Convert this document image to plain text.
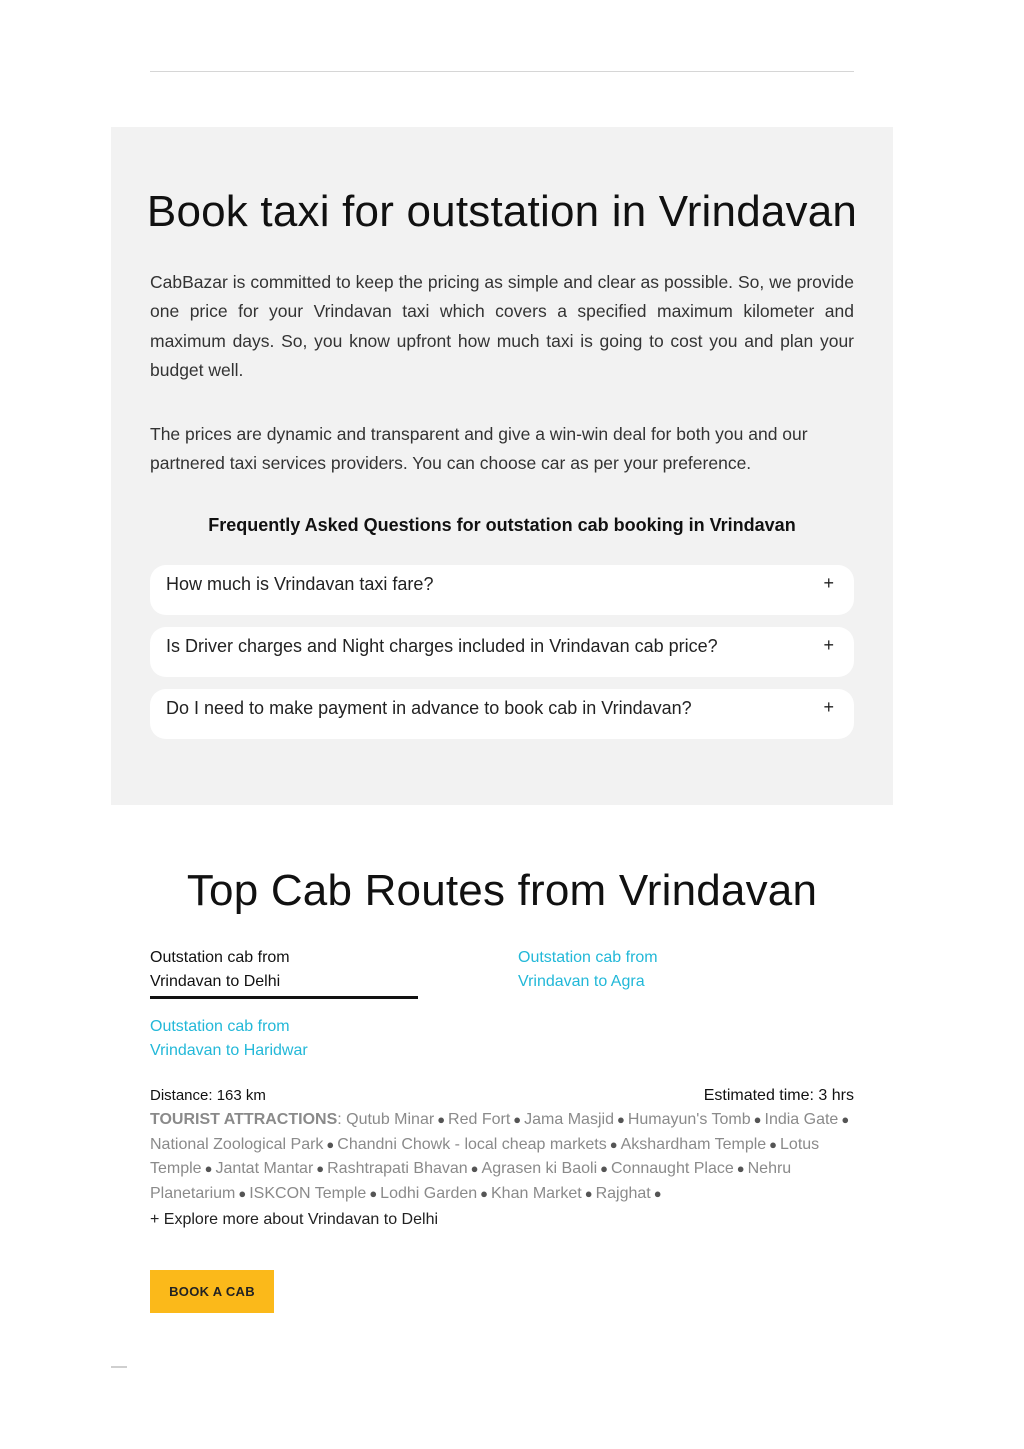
Book taxi for outstation in Vrindavan

CabBazar is committed to keep the pricing as simple and clear as possible. So, we provide one price for your Vrindavan taxi which covers a specified maximum kilometer and maximum days. So, you know upfront how much taxi is going to cost you and plan your budget well.

The prices are dynamic and transparent and give a win-win deal for both you and our partnered taxi services providers. You can choose car as per your preference.

Frequently Asked Questions for outstation cab booking in Vrindavan
How much is Vrindavan taxi fare?	+
Is Driver charges and Night charges included in Vrindavan cab price?	+
Do I need to make payment in advance to book cab in Vrindavan?	+
Top Cab Routes from Vrindavan
Outstation cab from
Vrindavan to Delhi
Outstation cab from
Vrindavan to Agra
Outstation cab from
Vrindavan to Haridwar
Distance: 163 km	Estimated time: 3 hrs
TOURIST ATTRACTIONS: Qutub Minar ● Red Fort ● Jama Masjid ● Humayun's Tomb ● India Gate ● National Zoological Park ● Chandni Chowk - local cheap markets ● Akshardham Temple ● Lotus Temple ● Jantat Mantar ● Rashtrapati Bhavan ● Agrasen ki Baoli ● Connaught Place ● Nehru Planetarium ● ISKCON Temple ● Lodhi Garden ● Khan Market ● Rajghat ●
+ Explore more about Vrindavan to Delhi
BOOK A CAB
